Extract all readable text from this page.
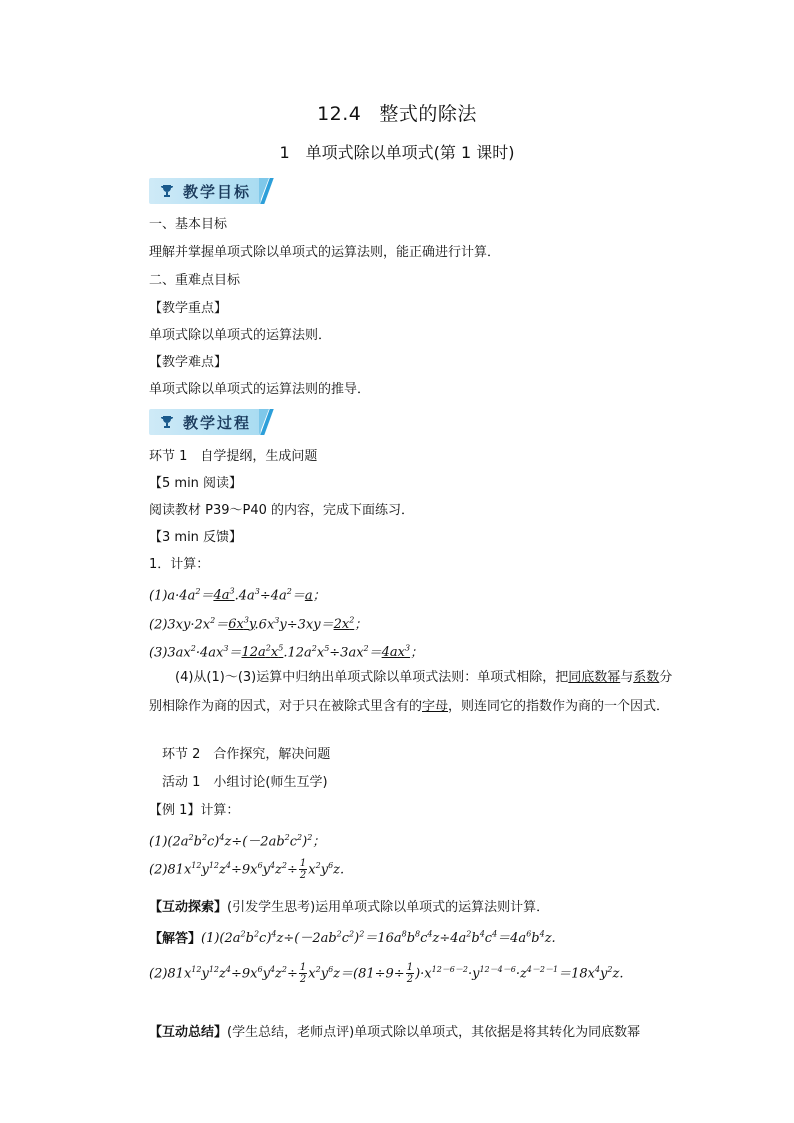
12.4 整式的除法
1 单项式除以单项式(第 1 课时)
教学目标
一、基本目标
理解并掌握单项式除以单项式的运算法则，能正确进行计算．
二、重难点目标
【教学重点】
单项式除以单项式的运算法则．
【教学难点】
单项式除以单项式的运算法则的推导．
教学过程
环节 1　自学提纲，生成问题
【5 min 阅读】
阅读教材 P39～P40 的内容，完成下面练习．
【3 min 反馈】
1．计算：
$(1)a\cdot 4a^2=4a^3.4a^3\div 4a^2=a$；
$(2)3xy\cdot 2x^2=6x^3y.6x^3y\div 3xy=2x^2$；
$(3)3ax^2\cdot 4ax^3=12a^2x^5.12a^2x^5\div 3ax^2=4ax^3$；
(4)从(1)～(3)运算中归纳出单项式除以单项式法则：单项式相除，把同底数幂与系数分别相除作为商的因式，对于只在被除式里含有的字母，则连同它的指数作为商的一个因式．
　环节 2　合作探究，解决问题
　活动 1　小组讨论(师生互学)
【例 1】计算：
$(1)(2a^2b^2c)^4z\div(-2ab^2c^2)^2$；
$(2)81x^{12}y^{12}z^4\div 9x^6y^4z^2\div \frac{1}{2} x^2y^6z$.
【互动探索】(引发学生思考)运用单项式除以单项式的运算法则计算．
【解答】$(1)(2a^2b^2c)^4z\div(-2ab^2c^2)^2=16a^8b^8c^4z\div 4a^2b^4c^4=4a^6b^4z$.
$(2)81x^{12}y^{12}z^4\div 9x^6y^4z^2\div \frac{1}{2} x^2y^6z=(81\div 9\div \frac{1}{2} )\cdot x^{12-6-2}\cdot y^{12-4-6}\cdot z^{4-2-1}=18x^4y^2z$.
【互动总结】(学生总结，老师点评)单项式除以单项式，其依据是将其转化为同底数幂
